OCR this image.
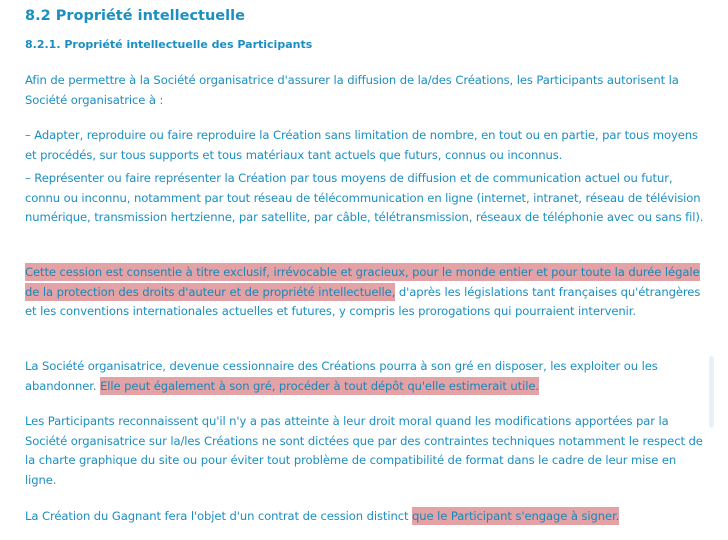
8.2 Propriété intellectuelle
8.2.1. Propriété intellectuelle des Participants

Afin de permettre à la Société organisatrice d'assurer la diffusion de la/des Créations, les Participants autorisent la Société organisatrice à :

– Adapter, reproduire ou faire reproduire la Création sans limitation de nombre, en tout ou en partie, par tous moyens et procédés, sur tous supports et tous matériaux tant actuels que futurs, connus ou inconnus.

– Représenter ou faire représenter la Création par tous moyens de diffusion et de communication actuel ou futur, connu ou inconnu, notamment par tout réseau de télécommunication en ligne (internet, intranet, réseau de télévision numérique, transmission hertzienne, par satellite, par câble, télétransmission, réseaux de téléphonie avec ou sans fil).

Cette cession est consentie à titre exclusif, irrévocable et gracieux, pour le monde entier et pour toute la durée légale de la protection des droits d'auteur et de propriété intellectuelle, d'après les législations tant françaises qu'étrangères et les conventions internationales actuelles et futures, y compris les prorogations qui pourraient intervenir.

La Société organisatrice, devenue cessionnaire des Créations pourra à son gré en disposer, les exploiter ou les abandonner. Elle peut également à son gré, procéder à tout dépôt qu'elle estimerait utile.

Les Participants reconnaissent qu'il n'y a pas atteinte à leur droit moral quand les modifications apportées par la Société organisatrice sur la/les Créations ne sont dictées que par des contraintes techniques notamment le respect de la charte graphique du site ou pour éviter tout problème de compatibilité de format dans le cadre de leur mise en ligne.

La Création du Gagnant fera l'objet d'un contrat de cession distinct que le Participant s'engage à signer.
